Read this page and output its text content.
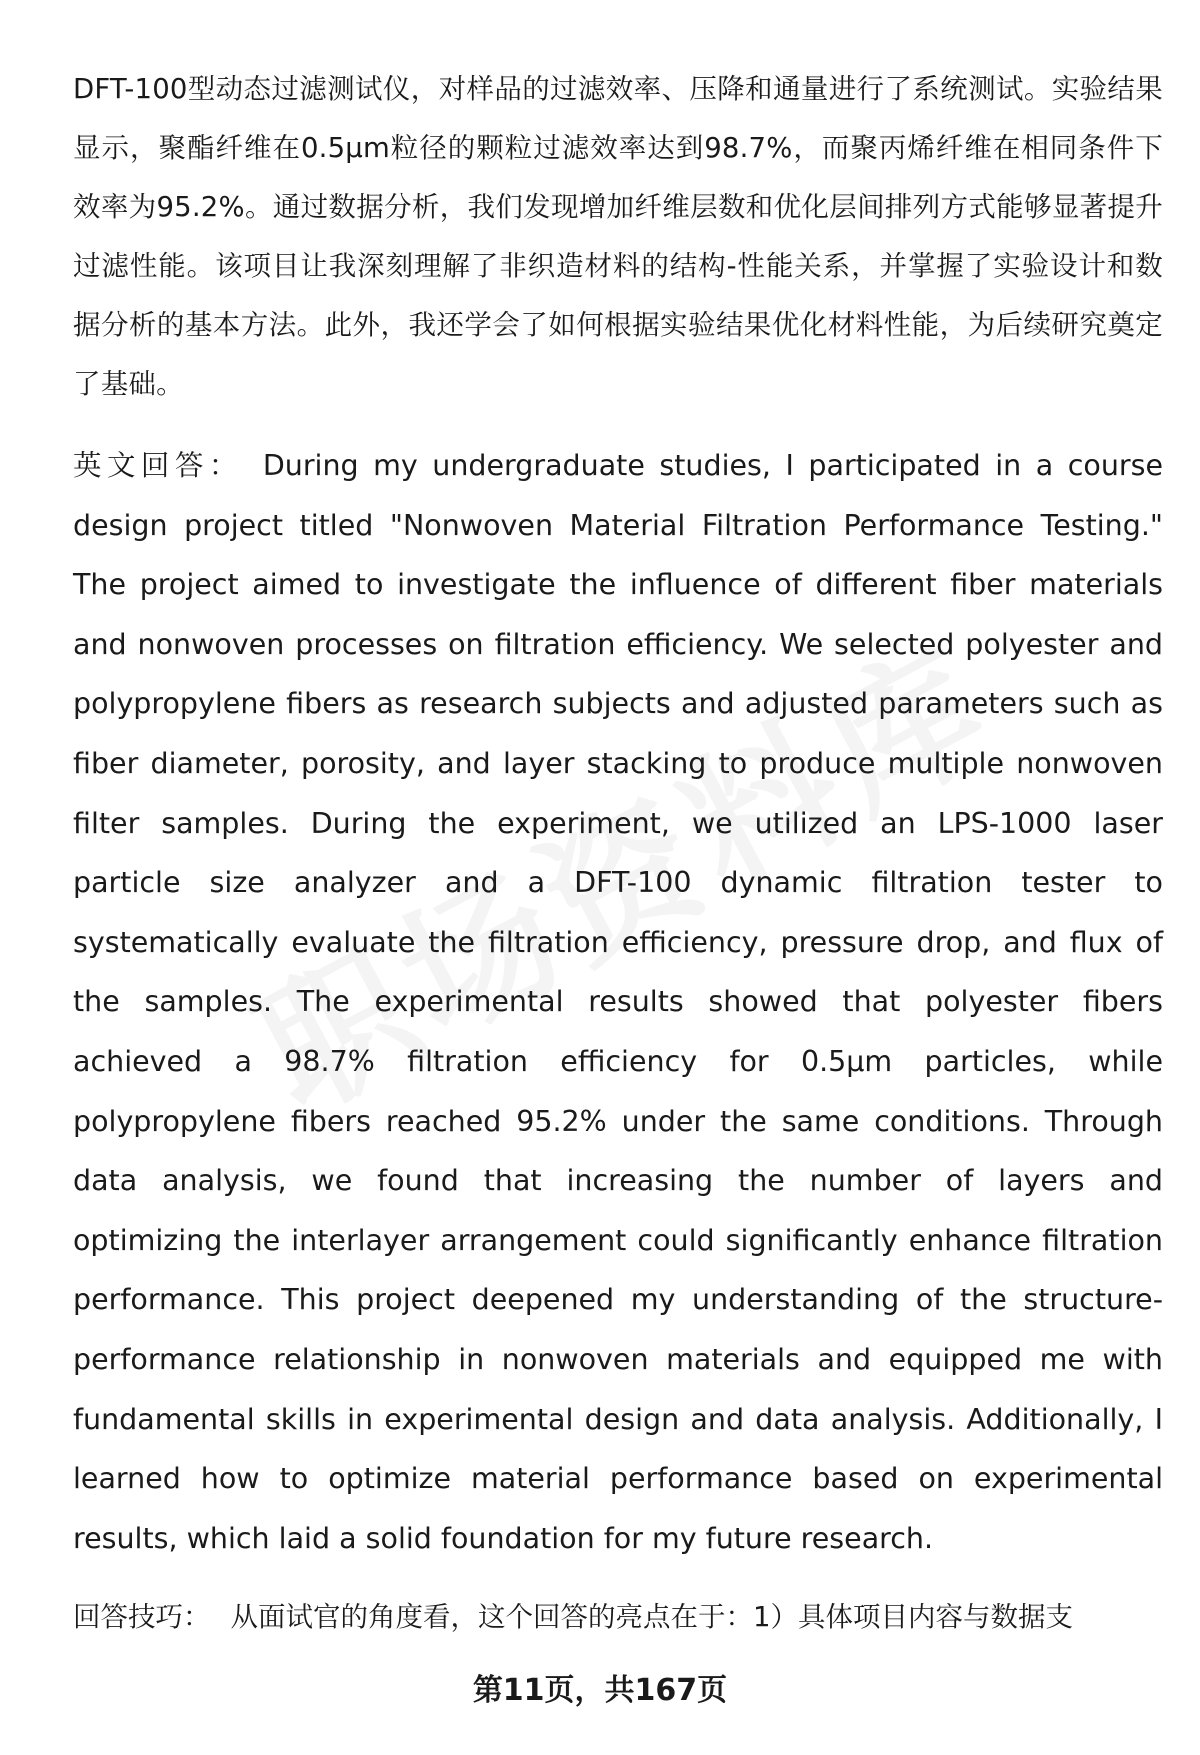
DFT-100型动态过滤测试仪，对样品的过滤效率、压降和通量进行了系统测试。实验结果显示，聚酯纤维在0.5μm粒径的颗粒过滤效率达到98.7%，而聚丙烯纤维在相同条件下效率为95.2%。通过数据分析，我们发现增加纤维层数和优化层间排列方式能够显著提升过滤性能。该项目让我深刻理解了非织造材料的结构-性能关系，并掌握了实验设计和数据分析的基本方法。此外，我还学会了如何根据实验结果优化材料性能，为后续研究奠定了基础。

英文回答： During my undergraduate studies, I participated in a course design project titled "Nonwoven Material Filtration Performance Testing." The project aimed to investigate the influence of different fiber materials and nonwoven processes on filtration efficiency. We selected polyester and polypropylene fibers as research subjects and adjusted parameters such as fiber diameter, porosity, and layer stacking to produce multiple nonwoven filter samples. During the experiment, we utilized an LPS-1000 laser particle size analyzer and a DFT-100 dynamic filtration tester to systematically evaluate the filtration efficiency, pressure drop, and flux of the samples. The experimental results showed that polyester fibers achieved a 98.7% filtration efficiency for 0.5μm particles, while polypropylene fibers reached 95.2% under the same conditions. Through data analysis, we found that increasing the number of layers and optimizing the interlayer arrangement could significantly enhance filtration performance. This project deepened my understanding of the structure-performance relationship in nonwoven materials and equipped me with fundamental skills in experimental design and data analysis. Additionally, I learned how to optimize material performance based on experimental results, which laid a solid foundation for my future research.

回答技巧： 从面试官的角度看，这个回答的亮点在于：1）具体项目内容与数据支

第11页，共167页
